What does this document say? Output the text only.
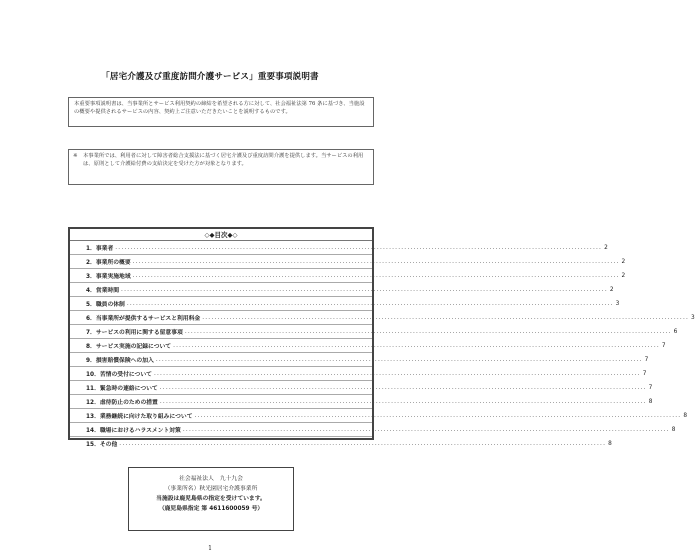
「居宅介護及び重度訪問介護サービス」重要事項説明書
本重要事項説明書は、当事業所とサービス利用契約の締結を希望される方に対して、社会福祉法第 76 条に基づき、当施設の概要や提供されるサービスの内容、契約上ご注意いただきたいことを説明するものです。
※	本事業所では、利用者に対して障害者総合支援法に基づく居宅介護及び重度訪問介護を提供します。当サービスの利用は、原則として介護給付費の支給決定を受けた方が対象となります。
◇◆目次◆◇
1． 事業者 ................................................................................................................................................................ 2
2． 事業所の概要 ................................................................................................................................................................ 2
3． 事業実施地域 ................................................................................................................................................................ 2
4． 営業時間 ................................................................................................................................................................ 2
5． 職員の体制 ................................................................................................................................................................ 3
6． 当事業所が提供するサービスと利用料金 ................................................................................................................................................................ 3
7． サービスの利用に関する留意事項 ................................................................................................................................................................ 6
8． サービス実施の記録について ................................................................................................................................................................ 7
9． 損害賠償保険への加入 ................................................................................................................................................................ 7
10． 苦情の受付について ................................................................................................................................................................ 7
11． 緊急時の連絡について ................................................................................................................................................................ 7
12． 虐待防止のための措置 ................................................................................................................................................................ 8
13． 業務継続に向けた取り組みについて ................................................................................................................................................................ 8
14． 職場におけるハラスメント対策 ................................................................................................................................................................ 8
15． その他 ................................................................................................................................................................ 8
社会福祉法人　九十九会
（事業所名）秋光園居宅介護事業所
当施設は鹿児島県の指定を受けています。
（鹿児島県指定 第 4611600059 号）
1
